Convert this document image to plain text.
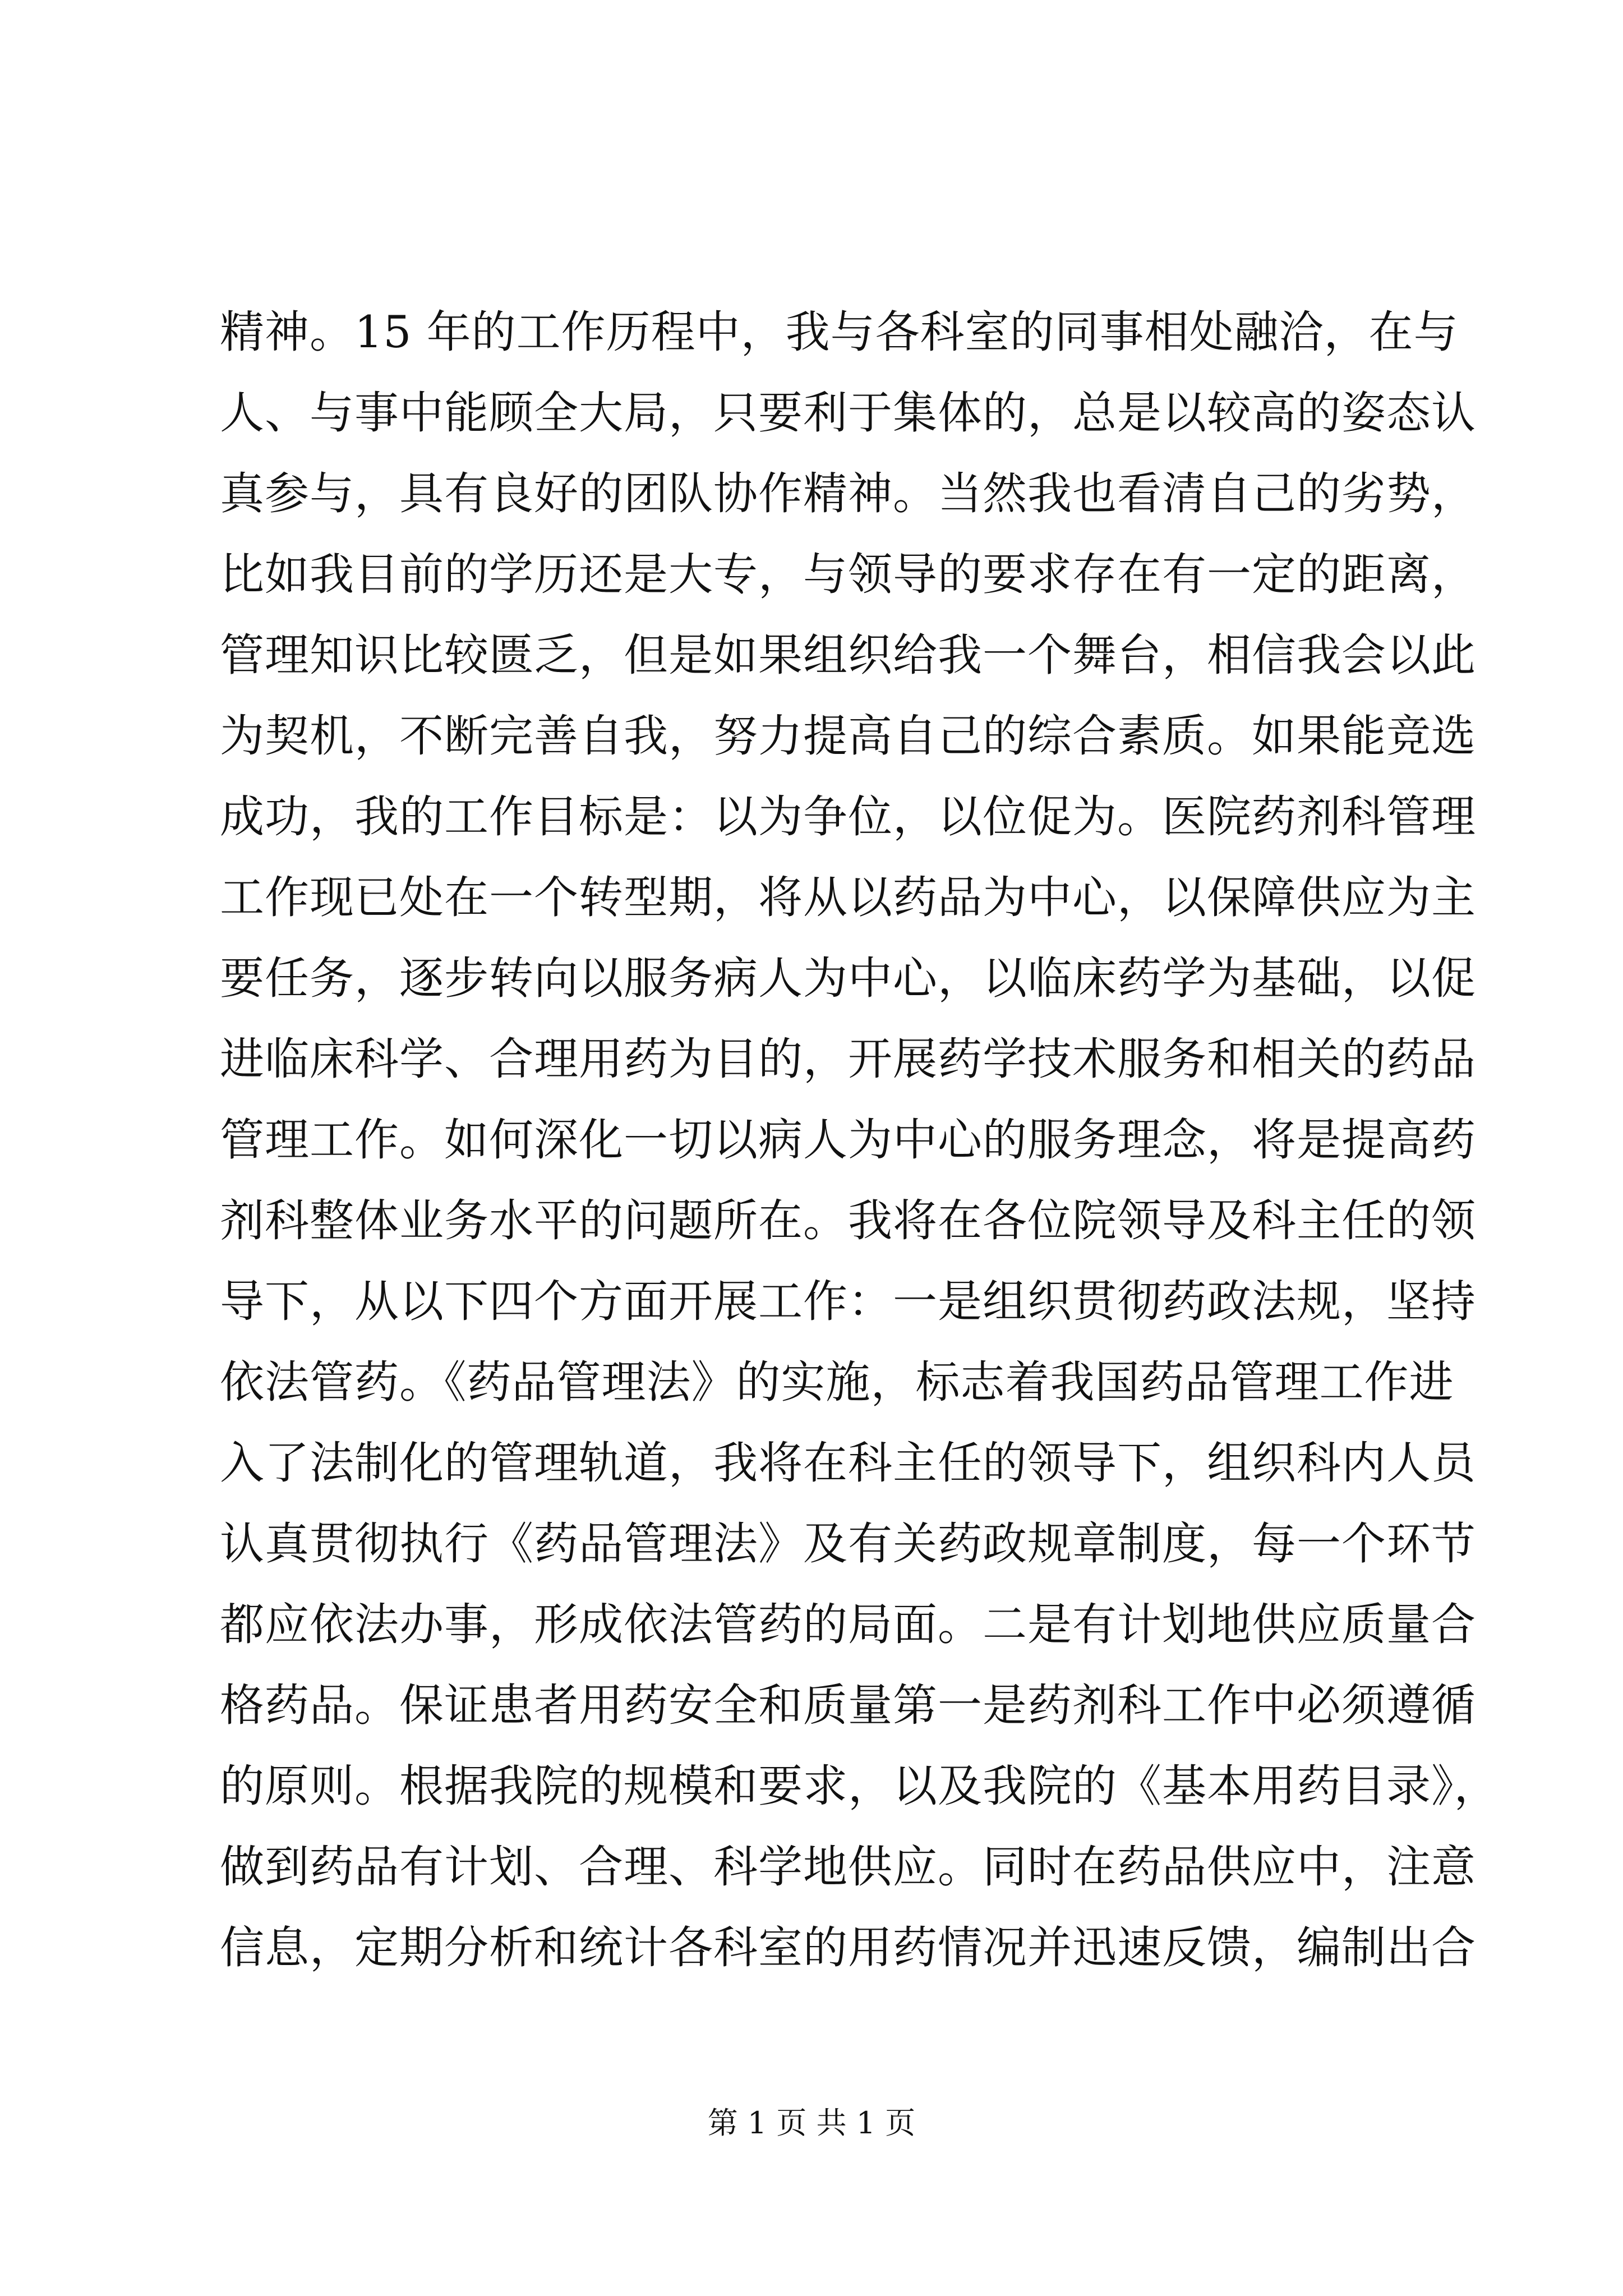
精神。15 年的工作历程中，我与各科室的同事相处融洽，在与
人、与事中能顾全大局，只要利于集体的，总是以较高的姿态认
真参与，具有良好的团队协作精神。当然我也看清自己的劣势，
比如我目前的学历还是大专，与领导的要求存在有一定的距离，
管理知识比较匮乏，但是如果组织给我一个舞台，相信我会以此
为契机，不断完善自我，努力提高自己的综合素质。如果能竞选
成功，我的工作目标是：以为争位，以位促为。医院药剂科管理
工作现已处在一个转型期，将从以药品为中心，以保障供应为主
要任务，逐步转向以服务病人为中心，以临床药学为基础，以促
进临床科学、合理用药为目的，开展药学技术服务和相关的药品
管理工作。如何深化一切以病人为中心的服务理念，将是提高药
剂科整体业务水平的问题所在。我将在各位院领导及科主任的领
导下，从以下四个方面开展工作：一是组织贯彻药政法规，坚持
依法管药。《药品管理法》的实施，标志着我国药品管理工作进
入了法制化的管理轨道，我将在科主任的领导下，组织科内人员
认真贯彻执行《药品管理法》及有关药政规章制度，每一个环节
都应依法办事，形成依法管药的局面。二是有计划地供应质量合
格药品。保证患者用药安全和质量第一是药剂科工作中必须遵循
的原则。根据我院的规模和要求，以及我院的《基本用药目录》，
做到药品有计划、合理、科学地供应。同时在药品供应中，注意
信息，定期分析和统计各科室的用药情况并迅速反馈，编制出合
第 1 页 共 1 页
